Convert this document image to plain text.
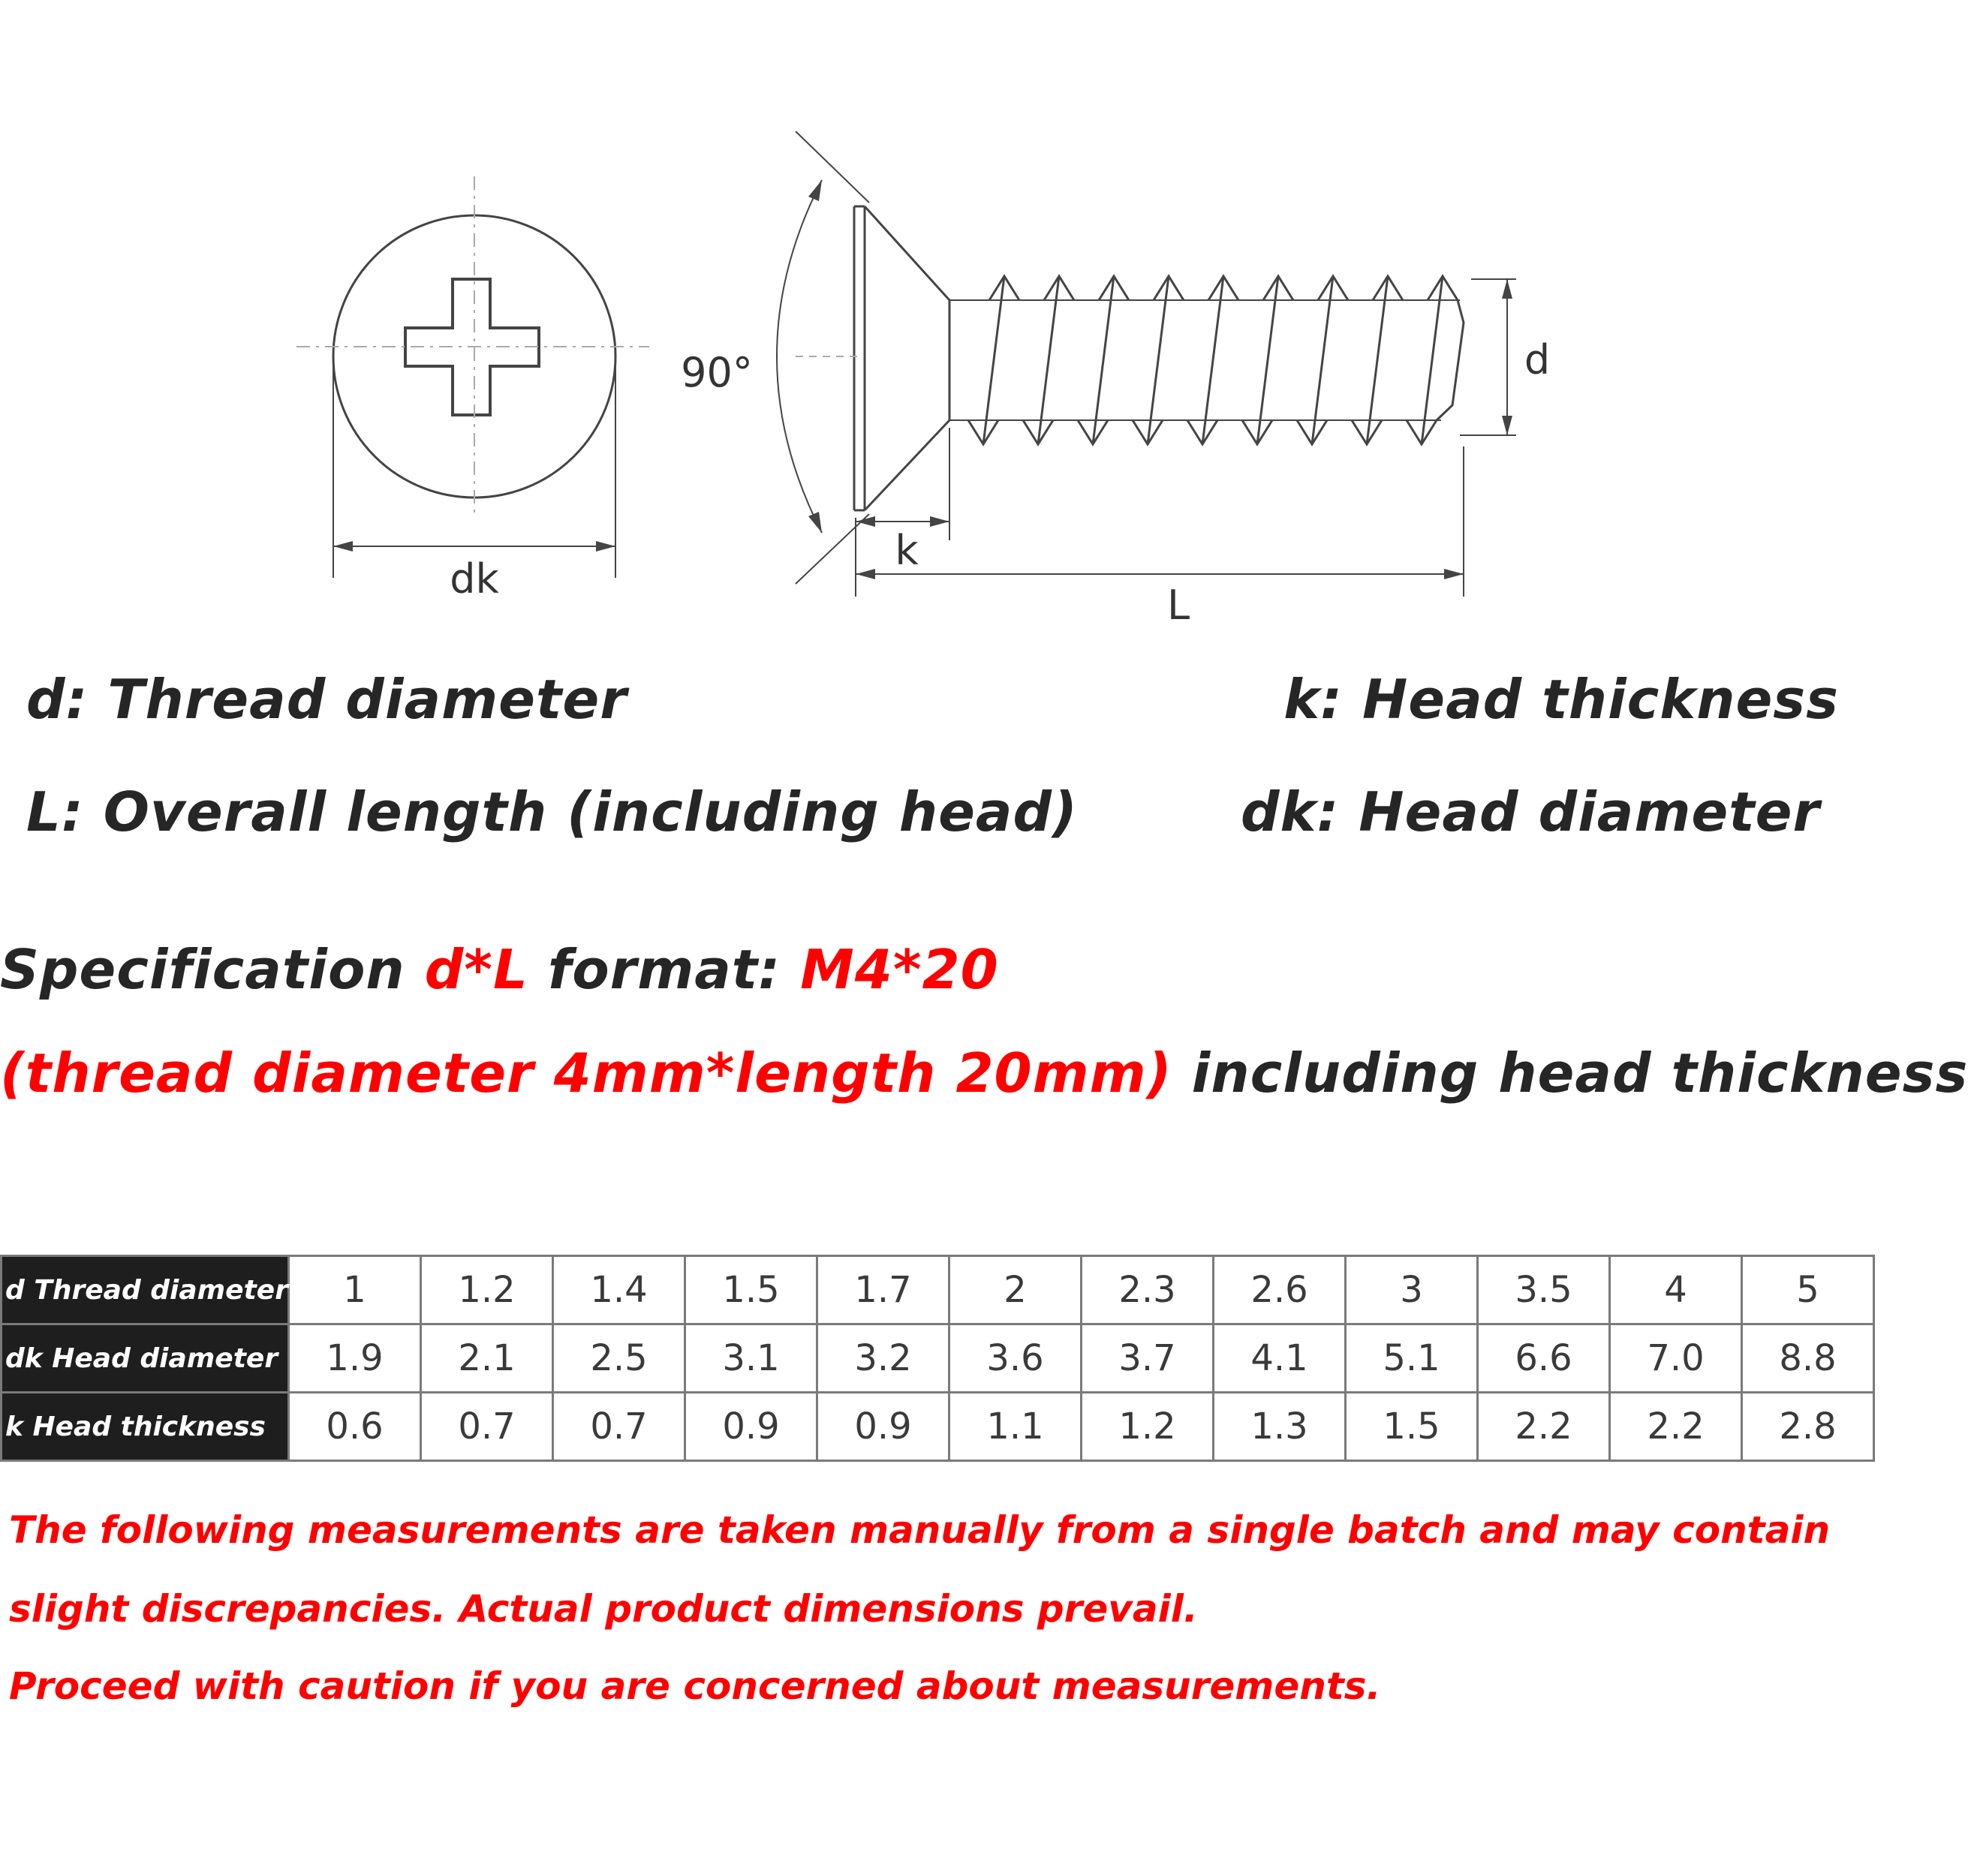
dk
90°
k
L
d
d: Thread diameter	k: Head thickness
L: Overall length (including head)	dk: Head diameter
Specification d*L format: M4*20
(thread diameter 4mm*length 20mm) including head thickness
d Thread diameter	1	1.2	1.4	1.5	1.7	2	2.3	2.6	3	3.5	4	5
dk Head diameter	1.9	2.1	2.5	3.1	3.2	3.6	3.7	4.1	5.1	6.6	7.0	8.8
k Head thickness	0.6	0.7	0.7	0.9	0.9	1.1	1.2	1.3	1.5	2.2	2.2	2.8
The following measurements are taken manually from a single batch and may contain
slight discrepancies. Actual product dimensions prevail.
Proceed with caution if you are concerned about measurements.
